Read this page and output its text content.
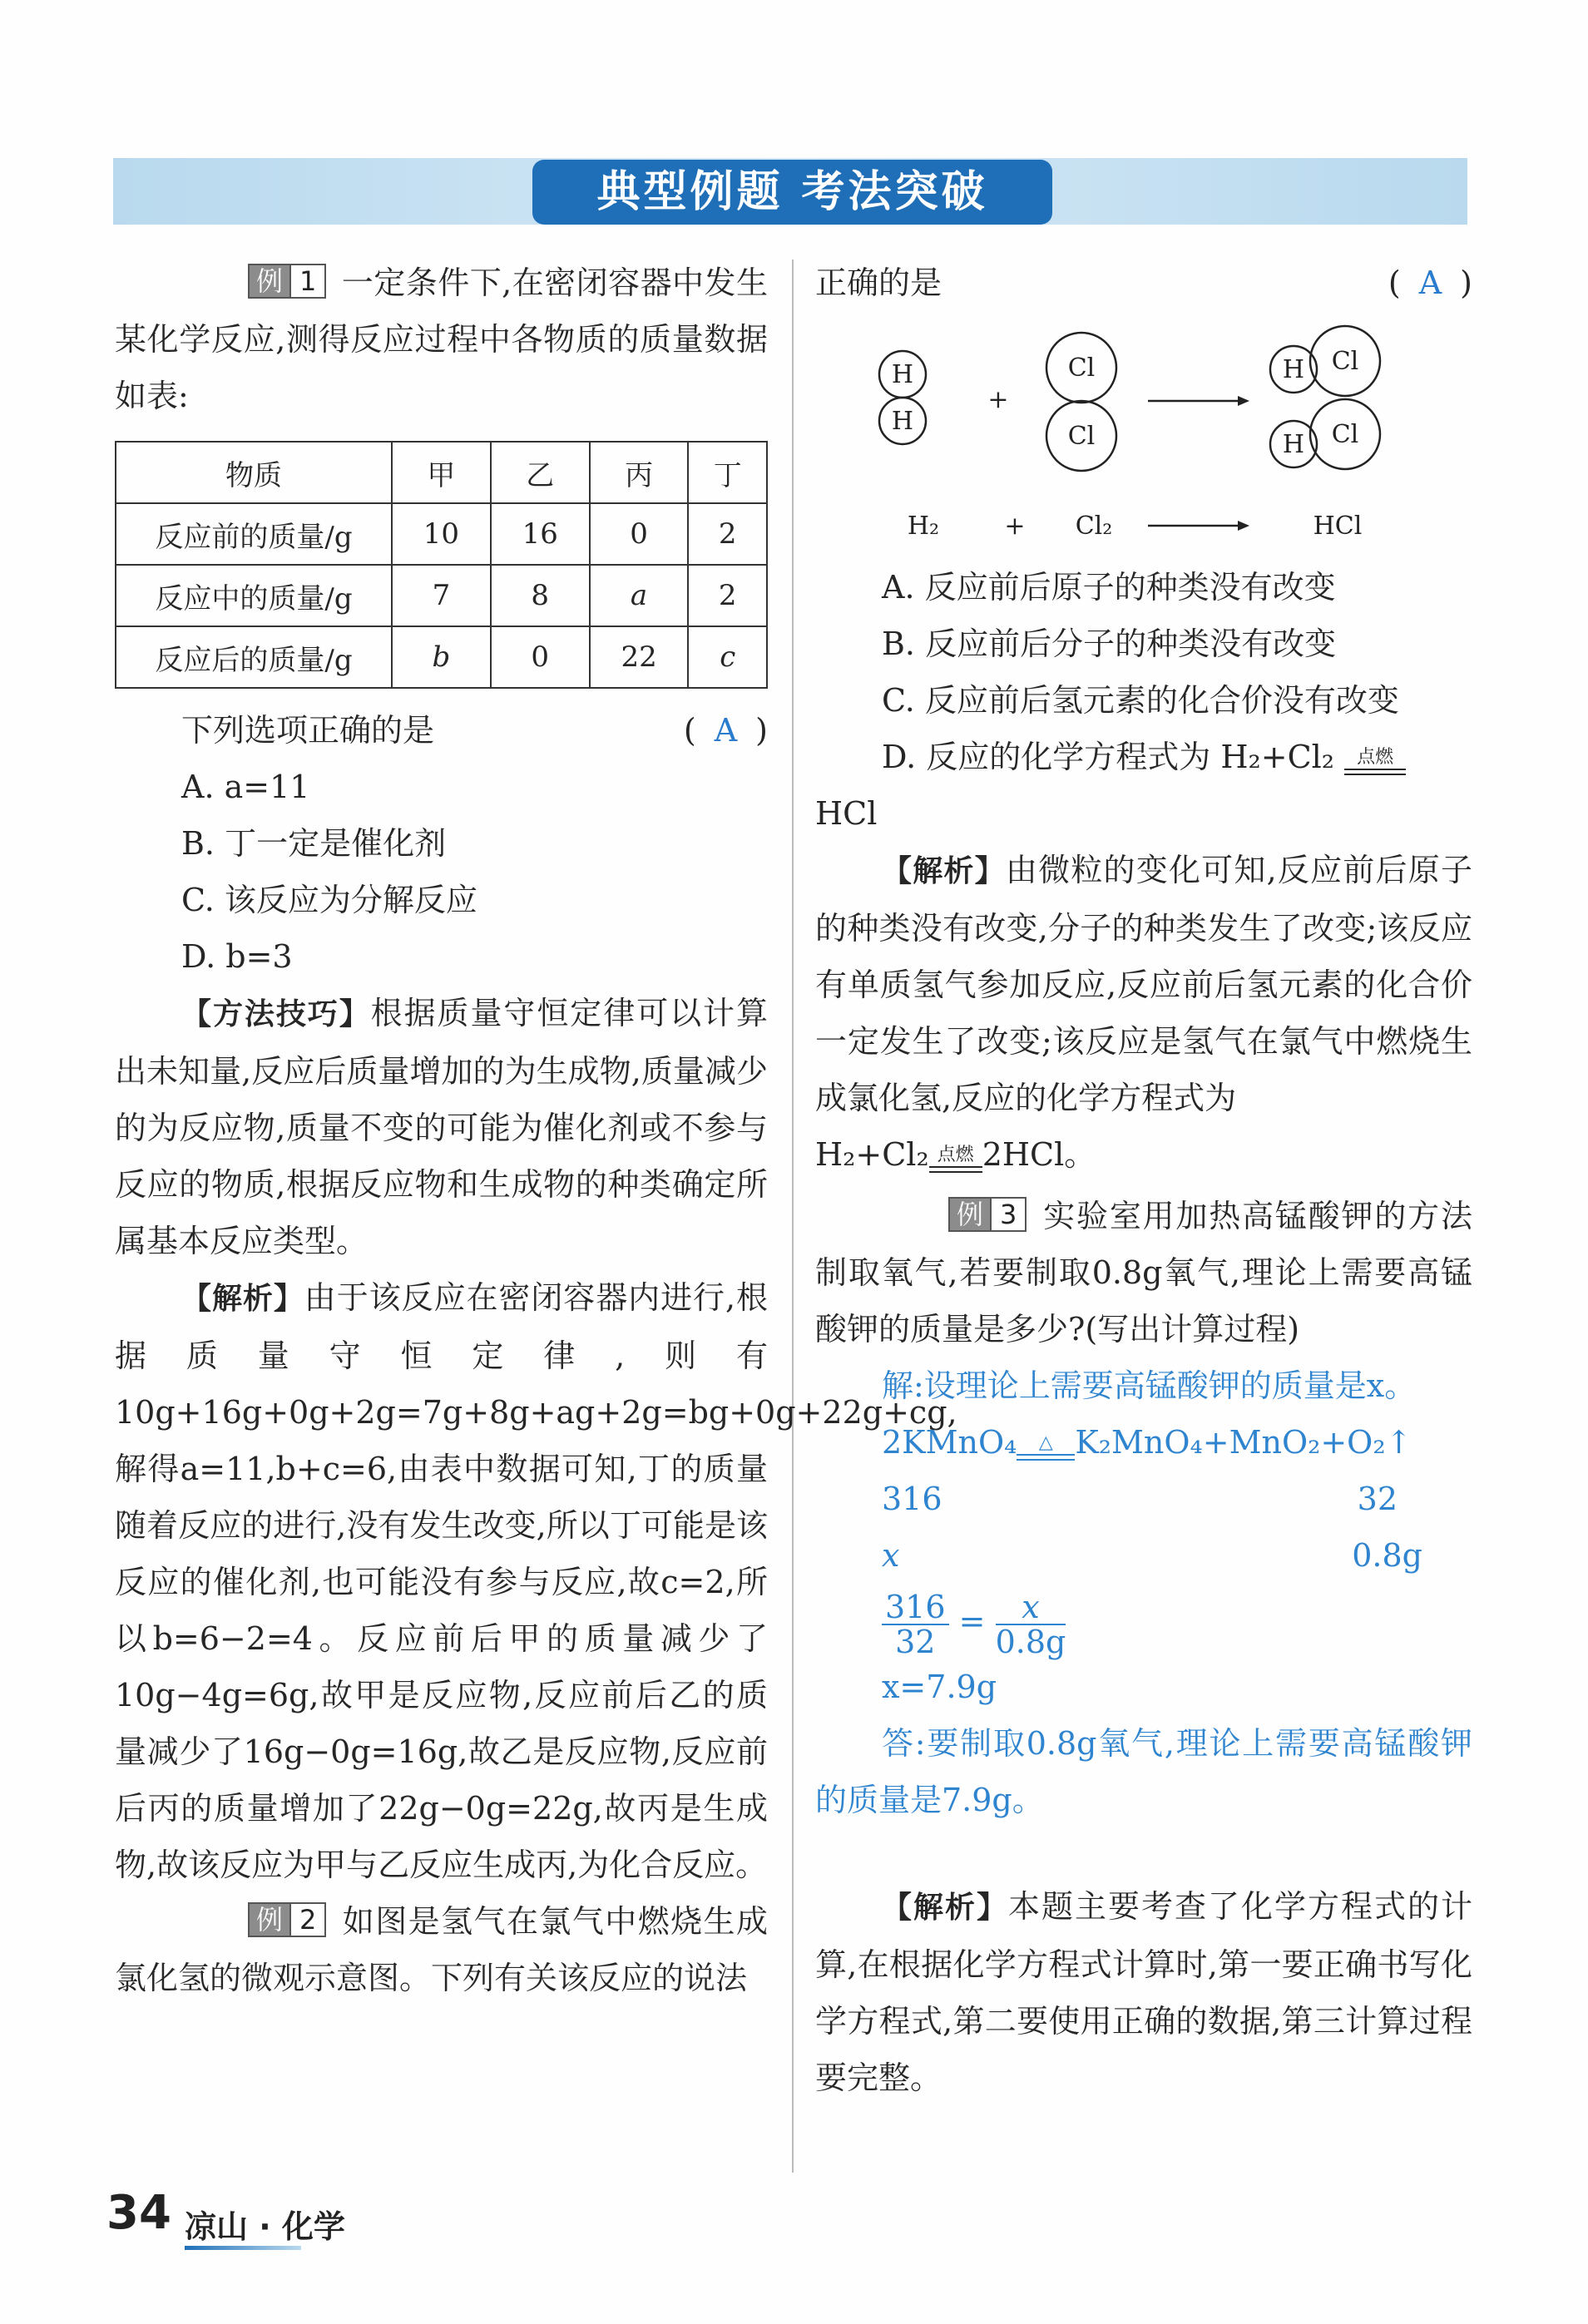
典型例题 考法突破

例 1 一定条件下,在密闭容器中发生某化学反应,测得反应过程中各物质的质量数据如表:

物质	甲	乙	丙	丁
反应前的质量/g	10	16	0	2
反应中的质量/g	7	8	a	2
反应后的质量/g	b	0	22	c

下列选项正确的是	( A )

A. a=11

B. 丁一定是催化剂

C. 该反应为分解反应

D. b=3

【方法技巧】根据质量守恒定律可以计算出未知量,反应后质量增加的为生成物,质量减少的为反应物,质量不变的可能为催化剂或不参与反应的物质,根据反应物和生成物的种类确定所属基本反应类型。

【解析】由于该反应在密闭容器内进行,根据质量守恒定律,则有10g+16g+0g+2g=7g+8g+ag+2g=bg+0g+22g+cg,解得a=11,b+c=6,由表中数据可知,丁的质量随着反应的进行,没有发生改变,所以丁可能是该反应的催化剂,也可能没有参与反应,故c=2,所以b=6−2=4。反应前后甲的质量减少了10g−4g=6g,故甲是反应物,反应前后乙的质量减少了16g−0g=16g,故乙是反应物,反应前后丙的质量增加了22g−0g=22g,故丙是生成物,故该反应为甲与乙反应生成丙,为化合反应。

例 2 如图是氢气在氯气中燃烧生成氯化氢的微观示意图。下列有关该反应的说法

正确的是	( A )

H
H
+
Cl
Cl
H Cl
H Cl
H₂	+ Cl₂	HCl

A. 反应前后原子的种类没有改变

B. 反应前后分子的种类没有改变

C. 反应前后氢元素的化合价没有改变

D. 反应的化学方程式为 H₂+Cl₂	点燃

HCl

【解析】由微粒的变化可知,反应前后原子的种类没有改变,分子的种类发生了改变;该反应有单质氢气参加反应,反应前后氢元素的化合价一定发生了改变;该反应是氢气在氯气中燃烧生成氯化氢,反应的化学方程式为

H₂+Cl₂ 点燃 2HCl。

例 3 实验室用加热高锰酸钾的方法制取氧气,若要制取0.8g氧气,理论上需要高锰酸钾的质量是多少?(写出计算过程)

解:设理论上需要高锰酸钾的质量是x。

2KMnO₄	△ K₂MnO₄+MnO₂+O₂↑

316	32

x	0.8g

$\frac{316}{32} = \frac{x}{0.8g}$

x=7.9g

答:要制取0.8g氧气,理论上需要高锰酸钾的质量是7.9g。

【解析】本题主要考查了化学方程式的计算,在根据化学方程式计算时,第一要正确书写化学方程式,第二要使用正确的数据,第三计算过程要完整。

34 凉山 · 化学
